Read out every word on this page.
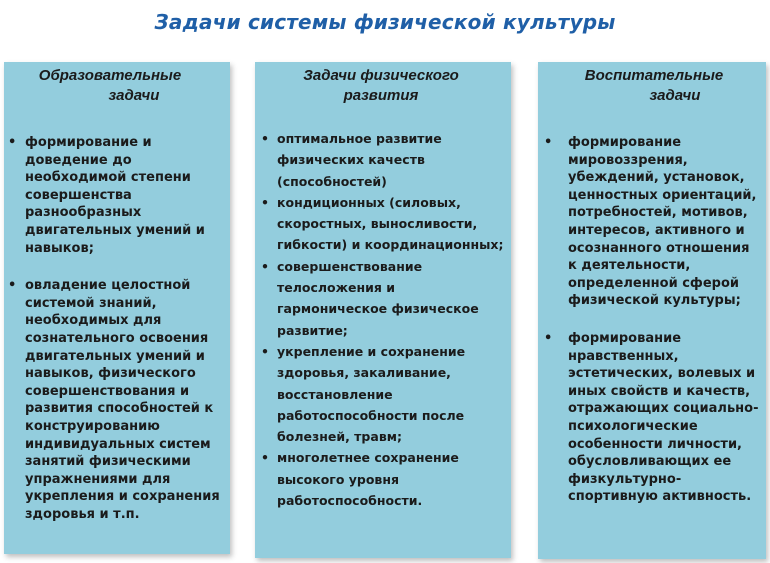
Задачи системы физической культуры
Образовательные
задачи
• формирование и доведение до необходимой степени совершенства разнообразных двигательных умений и навыков;
• овладение целостной системой знаний, необходимых для сознательного освоения двигательных умений и навыков, физического совершенствования и развития способностей к конструированию индивидуальных систем занятий физическими упражнениями для укрепления и сохранения здоровья и т.п.
Задачи физического
развития
• оптимальное развитие физических качеств (способностей)
• кондиционных (силовых, скоростных, выносливости, гибкости) и координационных;
• совершенствование телосложения и гармоническое физическое развитие;
• укрепление и сохранение здоровья, закаливание, восстановление работоспособности после болезней, травм;
• многолетнее сохранение высокого уровня работоспособности.
Воспитательные
задачи
• формирование мировоззрения, убеждений, установок, ценностных ориентаций, потребностей, мотивов, интересов, активного и осознанного отношения к деятельности, определенной сферой физической культуры;
• формирование нравственных, эстетических, волевых и иных свойств и качеств, отражающих социально-психологические особенности личности, обусловливающих ее физкультурно-спортивную активность.
